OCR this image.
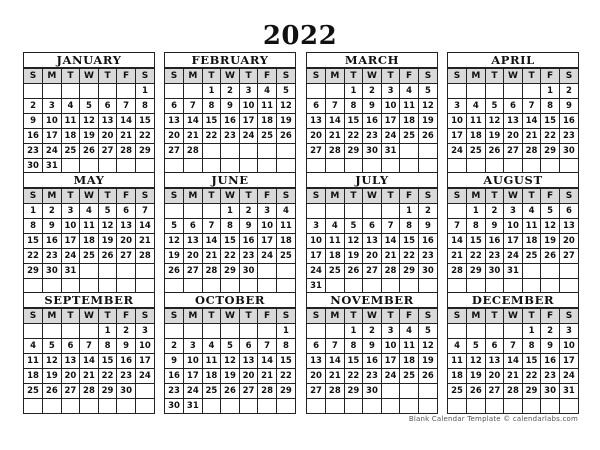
2022
JANUARY
S	M	T	W	T	F	S
						1
2	3	4	5	6	7	8
9	10	11	12	13	14	15
16	17	18	19	20	21	22
23	24	25	26	27	28	29
30	31					
FEBRUARY
S	M	T	W	T	F	S
		1	2	3	4	5
6	7	8	9	10	11	12
13	14	15	16	17	18	19
20	21	22	23	24	25	26
27	28					

MARCH
S	M	T	W	T	F	S
		1	2	3	4	5
6	7	8	9	10	11	12
13	14	15	16	17	18	19
20	21	22	23	24	25	26
27	28	29	30	31		

APRIL
S	M	T	W	T	F	S
					1	2
3	4	5	6	7	8	9
10	11	12	13	14	15	16
17	18	19	20	21	22	23
24	25	26	27	28	29	30

MAY
S	M	T	W	T	F	S
1	2	3	4	5	6	7
8	9	10	11	12	13	14
15	16	17	18	19	20	21
22	23	24	25	26	27	28
29	30	31				

JUNE
S	M	T	W	T	F	S
			1	2	3	4
5	6	7	8	9	10	11
12	13	14	15	16	17	18
19	20	21	22	23	24	25
26	27	28	29	30		

JULY
S	M	T	W	T	F	S
					1	2
3	4	5	6	7	8	9
10	11	12	13	14	15	16
17	18	19	20	21	22	23
24	25	26	27	28	29	30
31						
AUGUST
S	M	T	W	T	F	S
	1	2	3	4	5	6
7	8	9	10	11	12	13
14	15	16	17	18	19	20
21	22	23	24	25	26	27
28	29	30	31			

SEPTEMBER
S	M	T	W	T	F	S
				1	2	3
4	5	6	7	8	9	10
11	12	13	14	15	16	17
18	19	20	21	22	23	24
25	26	27	28	29	30	

OCTOBER
S	M	T	W	T	F	S
						1
2	3	4	5	6	7	8
9	10	11	12	13	14	15
16	17	18	19	20	21	22
23	24	25	26	27	28	29
30	31					
NOVEMBER
S	M	T	W	T	F	S
		1	2	3	4	5
6	7	8	9	10	11	12
13	14	15	16	17	18	19
20	21	22	23	24	25	26
27	28	29	30			

DECEMBER
S	M	T	W	T	F	S
				1	2	3
4	5	6	7	8	9	10
11	12	13	14	15	16	17
18	19	20	21	22	23	24
25	26	27	28	29	30	31

Blank Calendar Template © calendarlabs.com
